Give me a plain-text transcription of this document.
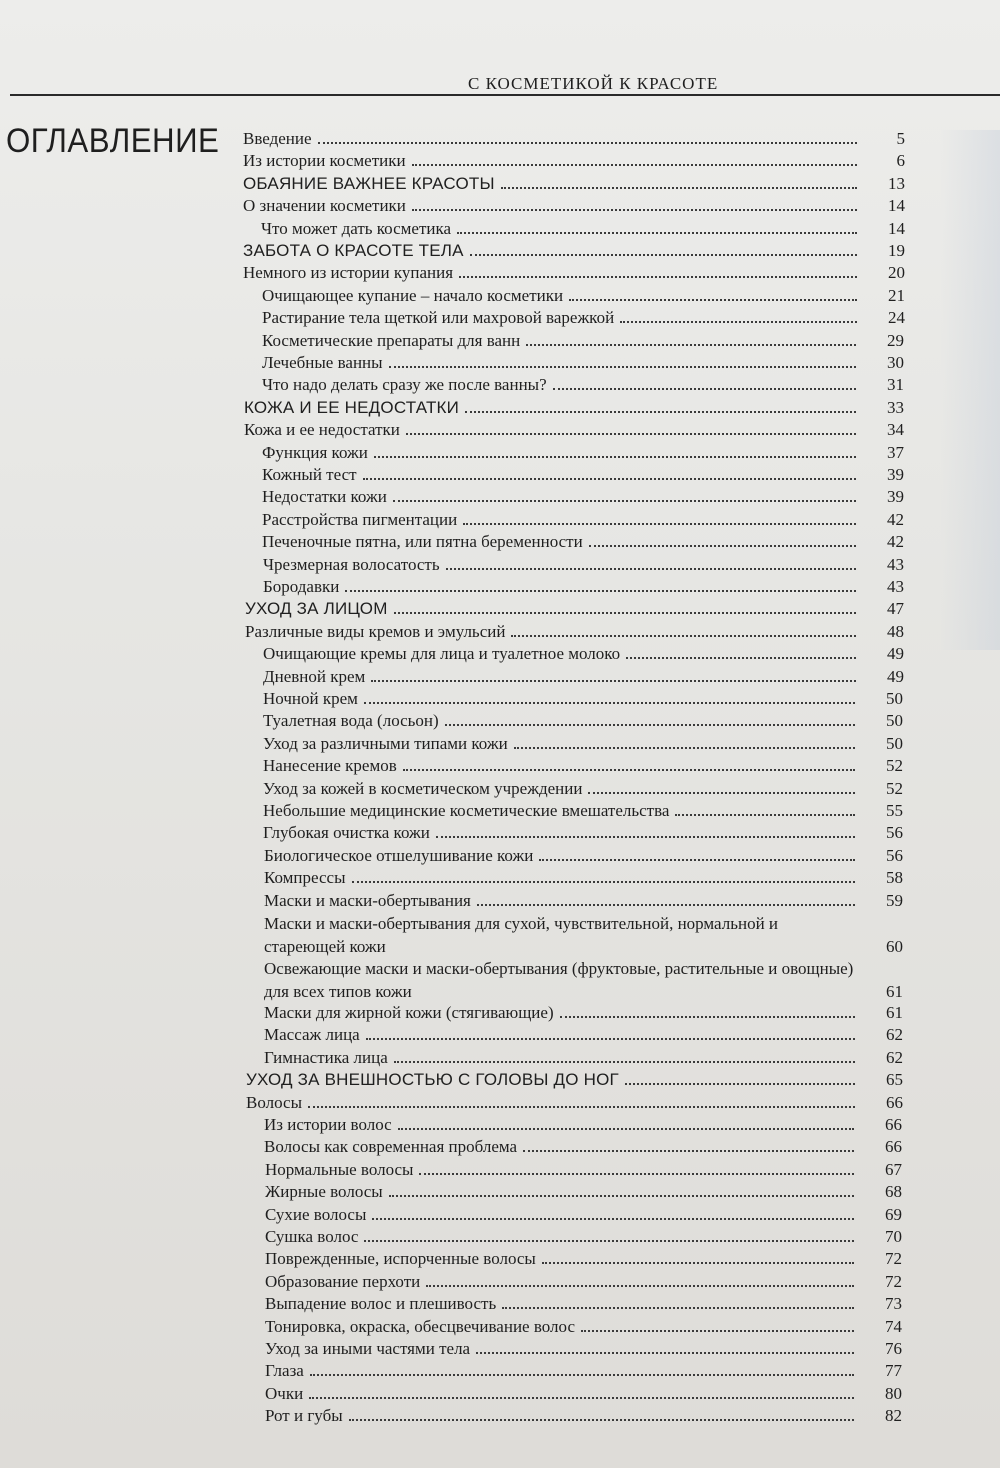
С КОСМЕТИКОЙ К КРАСОТЕ
ОГЛАВЛЕНИЕ Введение	5
Из истории косметики	6
ОБАЯНИЕ ВАЖНЕЕ КРАСОТЫ	13
О значении косметики	14
Что может дать косметика	14
ЗАБОТА О КРАСОТЕ ТЕЛА	19
Немного из истории купания	20
Очищающее купание – начало косметики	21
Растирание тела щеткой или махровой варежкой	24
Косметические препараты для ванн	29
Лечебные ванны	30
Что надо делать сразу же после ванны?	31
КОЖА И ЕЕ НЕДОСТАТКИ	33
Кожа и ее недостатки	34
Функция кожи	37
Кожный тест	39
Недостатки кожи	39
Расстройства пигментации	42
Печеночные пятна, или пятна беременности	42
Чрезмерная волосатость	43
Бородавки	43
УХОД ЗА ЛИЦОМ	47
Различные виды кремов и эмульсий	48
Очищающие кремы для лица и туалетное молоко	49
Дневной крем	49
Ночной крем	50
Туалетная вода (лосьон)	50
Уход за различными типами кожи	50
Нанесение кремов	52
Уход за кожей в косметическом учреждении	52
Небольшие медицинские косметические вмешательства	55
Глубокая очистка кожи	56
Биологическое отшелушивание кожи	56
Компрессы	58
Маски и маски-обертывания	59
Маски и маски-обертывания для сухой, чувствительной, нормальной и стареющей кожи	60
Освежающие маски и маски-обертывания (фруктовые, растительные и овощные) для всех типов кожи	61
Маски для жирной кожи (стягивающие)	61
Массаж лица	62
Гимнастика лица	62
УХОД ЗА ВНЕШНОСТЬЮ С ГОЛОВЫ ДО НОГ	65
Волосы	66
Из истории волос	66
Волосы как современная проблема	66
Нормальные волосы	67
Жирные волосы	68
Сухие волосы	69
Сушка волос	70
Поврежденные, испорченные волосы	72
Образование перхоти	72
Выпадение волос и плешивость	73
Тонировка, окраска, обесцвечивание волос	74
Уход за иными частями тела	76
Глаза	77
Очки	80
Рот и губы	82
